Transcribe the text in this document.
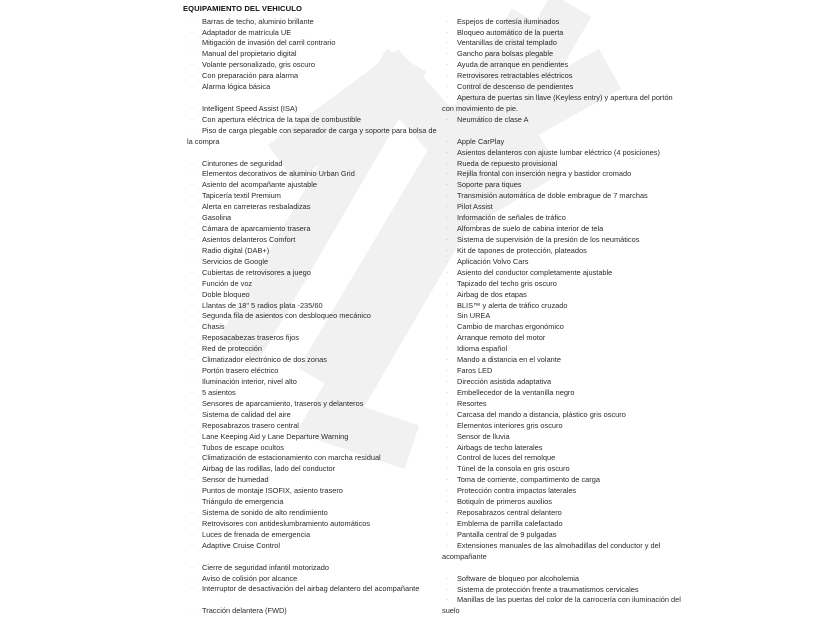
EQUIPAMIENTO DEL VEHICULO
· Barras de techo, aluminio brillante
· Adaptador de matrícula UE
· Mitigación de invasión del carril contrario
· Manual del propietario digital
· Volante personalizado, gris oscuro
· Con preparación para alarma
· Alarma lógica básica
· Intelligent Speed Assist (ISA)
· Con apertura eléctrica de la tapa de combustible
· Piso de carga plegable con separador de carga y soporte para bolsa de la compra
· Cinturones de seguridad
· Elementos decorativos de aluminio Urban Grid
· Asiento del acompañante ajustable
· Tapicería textil Premium
· Alerta en carreteras resbaladizas
· Gasolina
· Cámara de aparcamiento trasera
· Asientos delanteros Comfort
· Radio digital (DAB+)
· Servicios de Google
· Cubiertas de retrovisores a juego
· Función de voz
· Doble bloqueo
· Llantas de 18" 5 radios plata -235/60
· Segunda fila de asientos con desbloqueo mecánico
· Chasis
· Reposacabezas traseros fijos
· Red de protección
· Climatizador electrónico de dos zonas
· Portón trasero eléctrico
· Iluminación interior, nivel alto
· 5 asientos
· Sensores de aparcamiento, traseros y delanteros
· Sistema de calidad del aire
· Reposabrazos trasero central
· Lane Keeping Aid y Lane Departure Warning
· Tubos de escape ocultos
· Climatización de estacionamiento con marcha residual
· Airbag de las rodillas, lado del conductor
· Sensor de humedad
· Puntos de montaje ISOFIX, asiento trasero
· Triángulo de emergencia
· Sistema de sonido de alto rendimiento
· Retrovisores con antideslumbramiento automáticos
· Luces de frenada de emergencia
· Adaptive Cruise Control
· Cierre de seguridad infantil motorizado
· Aviso de colisión por alcance
· Interruptor de desactivación del airbag delantero del acompañante
· Tracción delantera (FWD)
· Espejos de cortesía iluminados
· Bloqueo automático de la puerta
· Ventanillas de cristal templado
· Gancho para bolsas plegable
· Ayuda de arranque en pendientes
· Retrovisores retractables eléctricos
· Control de descenso de pendientes
· Apertura de puertas sin llave (Keyless entry) y apertura del portón con movimiento de pie.
· Neumático de clase A
· Apple CarPlay
· Asientos delanteros con ajuste lumbar eléctrico (4 posiciones)
· Rueda de repuesto provisional
· Rejilla frontal con inserción negra y bastidor cromado
· Soporte para tiques
· Transmisión automática de doble embrague de 7 marchas
· Pilot Assist
· Información de señales de tráfico
· Alfombras de suelo de cabina interior de tela
· Sistema de supervisión de la presión de los neumáticos
· Kit de tapones de protección, plateados
· Aplicación Volvo Cars
· Asiento del conductor completamente ajustable
· Tapizado del techo gris oscuro
· Airbag de dos etapas
· BLIS™ y alerta de tráfico cruzado
· Sin UREA
· Cambio de marchas ergonómico
· Arranque remoto del motor
· Idioma español
· Mando a distancia en el volante
· Faros LED
· Dirección asistida adaptativa
· Embellecedor de la ventanilla negro
· Resortes
· Carcasa del mando a distancia, plástico gris oscuro
· Elementos interiores gris oscuro
· Sensor de lluvia
· Airbags de techo laterales
· Control de luces del remolque
· Túnel de la consola en gris oscuro
· Toma de corriente, compartimento de carga
· Protección contra impactos laterales
· Botiquín de primeros auxilios
· Reposabrazos central delantero
· Emblema de parrilla calefactado
· Pantalla central de 9 pulgadas
· Extensiones manuales de las almohadillas del conductor y del acompañante
· Software de bloqueo por alcoholemia
· Sistema de protección frente a traumatismos cervicales
· Manillas de las puertas del color de la carrocería con iluminación del suelo
